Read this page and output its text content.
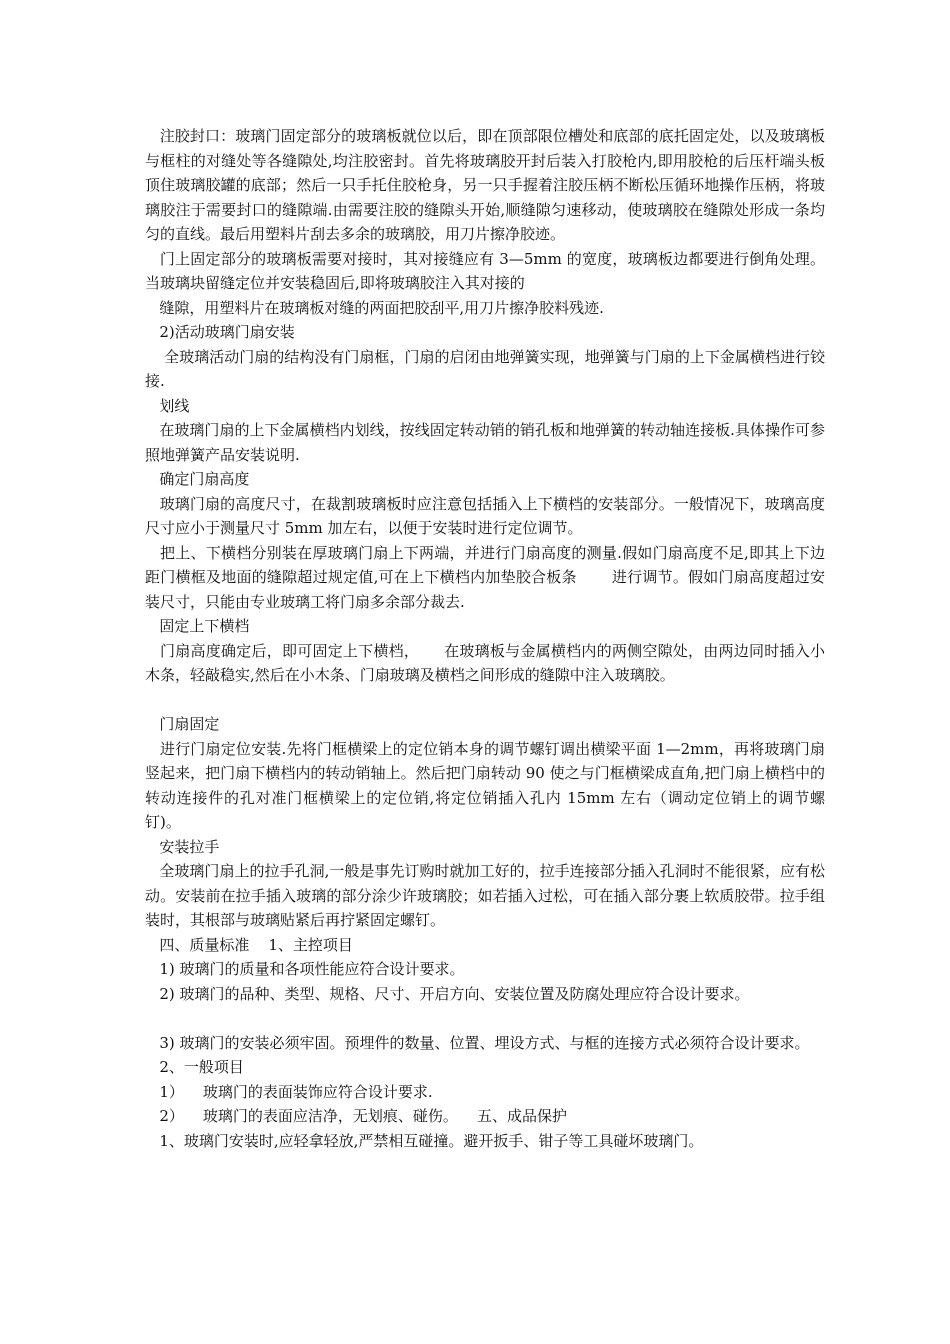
注胶封口：玻璃门固定部分的玻璃板就位以后，即在顶部限位槽处和底部的底托固定处，以及玻璃板与框柱的对缝处等各缝隙处,均注胶密封。首先将玻璃胶开封后装入打胶枪内,即用胶枪的后压杆端头板顶住玻璃胶罐的底部；然后一只手托住胶枪身，另一只手握着注胶压柄不断松压循环地操作压柄，将玻璃胶注于需要封口的缝隙端.由需要注胶的缝隙头开始,顺缝隙匀速移动，使玻璃胶在缝隙处形成一条均匀的直线。最后用塑料片刮去多余的玻璃胶，用刀片擦净胶迹。

门上固定部分的玻璃板需要对接时，其对接缝应有 3—5mm 的宽度，玻璃板边都要进行倒角处理。当玻璃块留缝定位并安装稳固后,即将玻璃胶注入其对接的

缝隙，用塑料片在玻璃板对缝的两面把胶刮平,用刀片擦净胶料残迹.

2)活动玻璃门扇安装

全玻璃活动门扇的结构没有门扇框，门扇的启闭由地弹簧实现，地弹簧与门扇的上下金属横档进行铰接.

划线

在玻璃门扇的上下金属横档内划线，按线固定转动销的销孔板和地弹簧的转动轴连接板.具体操作可参照地弹簧产品安装说明.

确定门扇高度

玻璃门扇的高度尺寸，在裁割玻璃板时应注意包括插入上下横档的安装部分。一般情况下，玻璃高度尺寸应小于测量尺寸 5mm 加左右，以便于安装时进行定位调节。

把上、下横档分别装在厚玻璃门扇上下两端，并进行门扇高度的测量.假如门扇高度不足,即其上下边距门横框及地面的缝隙超过规定值,可在上下横档内加垫胶合板条       进行调节。假如门扇高度超过安装尺寸，只能由专业玻璃工将门扇多余部分裁去.

固定上下横档

门扇高度确定后，即可固定上下横档，     在玻璃板与金属横档内的两侧空隙处，由两边同时插入小木条，轻敲稳实,然后在小木条、门扇玻璃及横档之间形成的缝隙中注入玻璃胶。

门扇固定

进行门扇定位安装.先将门框横梁上的定位销本身的调节螺钉调出横梁平面 1—2mm，再将玻璃门扇竖起来，把门扇下横档内的转动销轴上。然后把门扇转动 90 使之与门框横梁成直角,把门扇上横档中的转动连接件的孔对准门框横梁上的定位销,将定位销插入孔内 15mm 左右（调动定位销上的调节螺钉)。

安装拉手

全玻璃门扇上的拉手孔洞,一般是事先订购时就加工好的，拉手连接部分插入孔洞时不能很紧，应有松动。安装前在拉手插入玻璃的部分涂少许玻璃胶；如若插入过松，可在插入部分裹上软质胶带。拉手组装时，其根部与玻璃贴紧后再拧紧固定螺钉。

四、质量标准    1、主控项目

1) 玻璃门的质量和各项性能应符合设计要求。

2) 玻璃门的品种、类型、规格、尺寸、开启方向、安装位置及防腐处理应符合设计要求。

3) 玻璃门的安装必须牢固。预埋件的数量、位置、埋设方式、与框的连接方式必须符合设计要求。

2、一般项目

1）    玻璃门的表面装饰应符合设计要求.

2）    玻璃门的表面应洁净，无划痕、碰伤。    五、成品保护

1、玻璃门安装时,应轻拿轻放,严禁相互碰撞。避开扳手、钳子等工具碰坏玻璃门。
